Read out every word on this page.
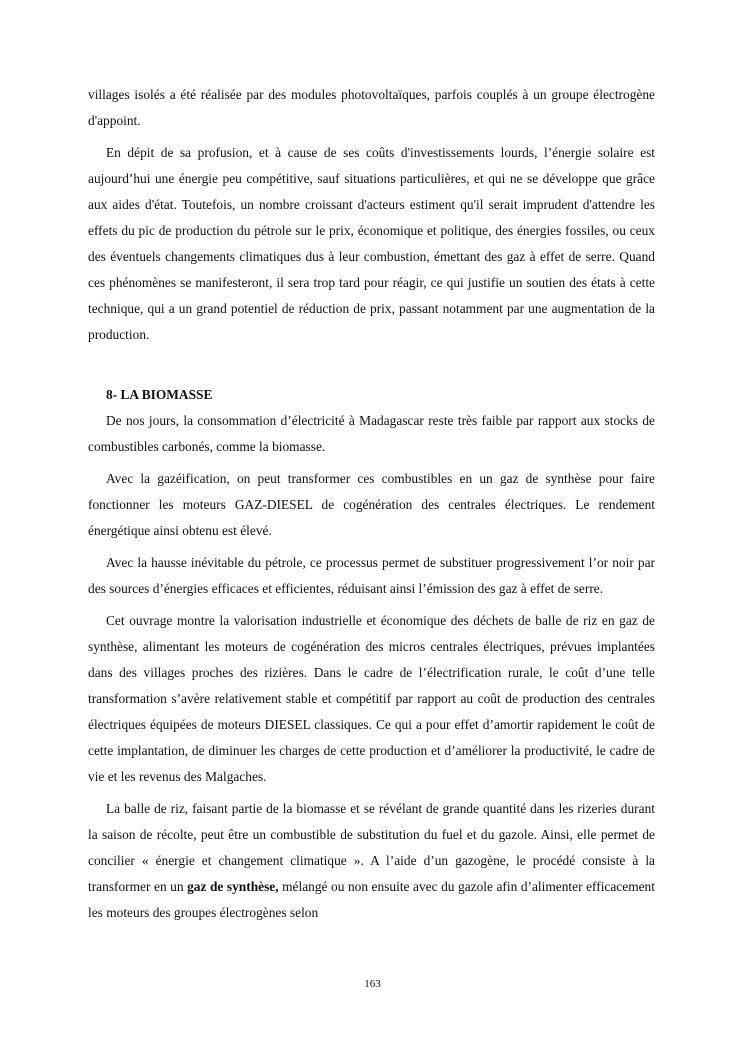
villages isolés a été réalisée par des modules photovoltaïques, parfois couplés à un groupe électrogène d'appoint.

En dépit de sa profusion, et à cause de ses coûts d'investissements lourds, l’énergie solaire est aujourd’hui une énergie peu compétitive, sauf situations particulières, et qui ne se développe que grâce aux aides d'état. Toutefois, un nombre croissant d'acteurs estiment qu'il serait imprudent d'attendre les effets du pic de production du pétrole sur le prix, économique et politique, des énergies fossiles, ou ceux des éventuels changements climatiques dus à leur combustion, émettant des gaz à effet de serre. Quand ces phénomènes se manifesteront, il sera trop tard pour réagir, ce qui justifie un soutien des états à cette technique, qui a un grand potentiel de réduction de prix, passant notamment par une augmentation de la production.

8- LA BIOMASSE

De nos jours, la consommation d’électricité à Madagascar reste très faible par rapport aux stocks de combustibles carbonés, comme la biomasse.

Avec la gazéification, on peut transformer ces combustibles en un gaz de synthèse pour faire fonctionner les moteurs GAZ-DIESEL de cogénération des centrales électriques. Le rendement énergétique ainsi obtenu est élevé.

Avec la hausse inévitable du pétrole, ce processus permet de substituer progressivement l’or noir par des sources d’énergies efficaces et efficientes, réduisant ainsi l’émission des gaz à effet de serre.

Cet ouvrage montre la valorisation industrielle et économique des déchets de balle de riz en gaz de synthèse, alimentant les moteurs de cogénération des micros centrales électriques, prévues implantées dans des villages proches des rizières. Dans le cadre de l’électrification rurale, le coût d’une telle transformation s’avère relativement stable et compétitif par rapport au coût de production des centrales électriques équipées de moteurs DIESEL classiques. Ce qui a pour effet d’amortir rapidement le coût de cette implantation, de diminuer les charges de cette production et d’améliorer la productivité, le cadre de vie et les revenus des Malgaches.

La balle de riz, faisant partie de la biomasse et se révélant de grande quantité dans les rizeries durant la saison de récolte, peut être un combustible de substitution du fuel et du gazole. Ainsi, elle permet de concilier « énergie et changement climatique ». A l’aide d’un gazogène, le procédé consiste à la transformer en un gaz de synthèse, mélangé ou non ensuite avec du gazole afin d’alimenter efficacement les moteurs des groupes électrogènes selon

163
